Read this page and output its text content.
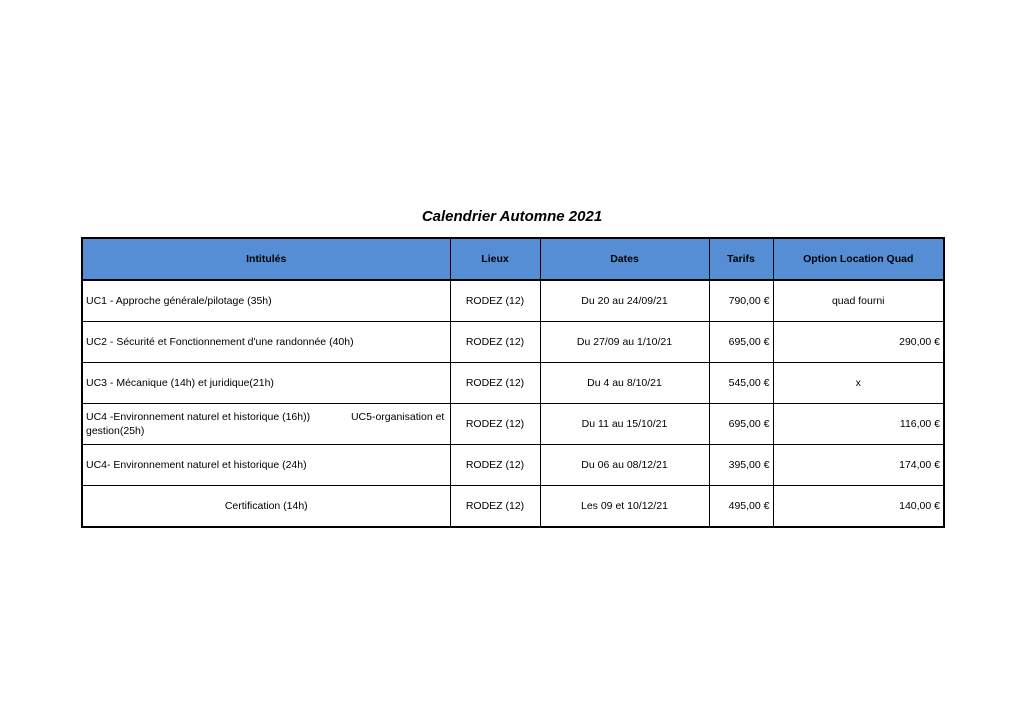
Calendrier Automne 2021
Intitulés	Lieux	Dates	Tarifs	Option Location Quad
UC1 - Approche générale/pilotage (35h)	RODEZ (12)	Du 20 au 24/09/21	790,00 €	quad fourni
UC2 - Sécurité et Fonctionnement d'une randonnée (40h)	RODEZ (12)	Du 27/09 au 1/10/21	695,00 €	290,00 €
UC3 - Mécanique (14h) et juridique(21h)	RODEZ (12)	Du 4 au 8/10/21	545,00 €	x
UC4 -Environnement naturel et historique (16h))              UC5-organisation et gestion(25h)	RODEZ (12)	Du 11 au 15/10/21	695,00 €	116,00 €
UC4- Environnement naturel et historique (24h)	RODEZ (12)	Du 06 au 08/12/21	395,00 €	174,00 €
Certification (14h)	RODEZ (12)	Les 09 et 10/12/21	495,00 €	140,00 €
